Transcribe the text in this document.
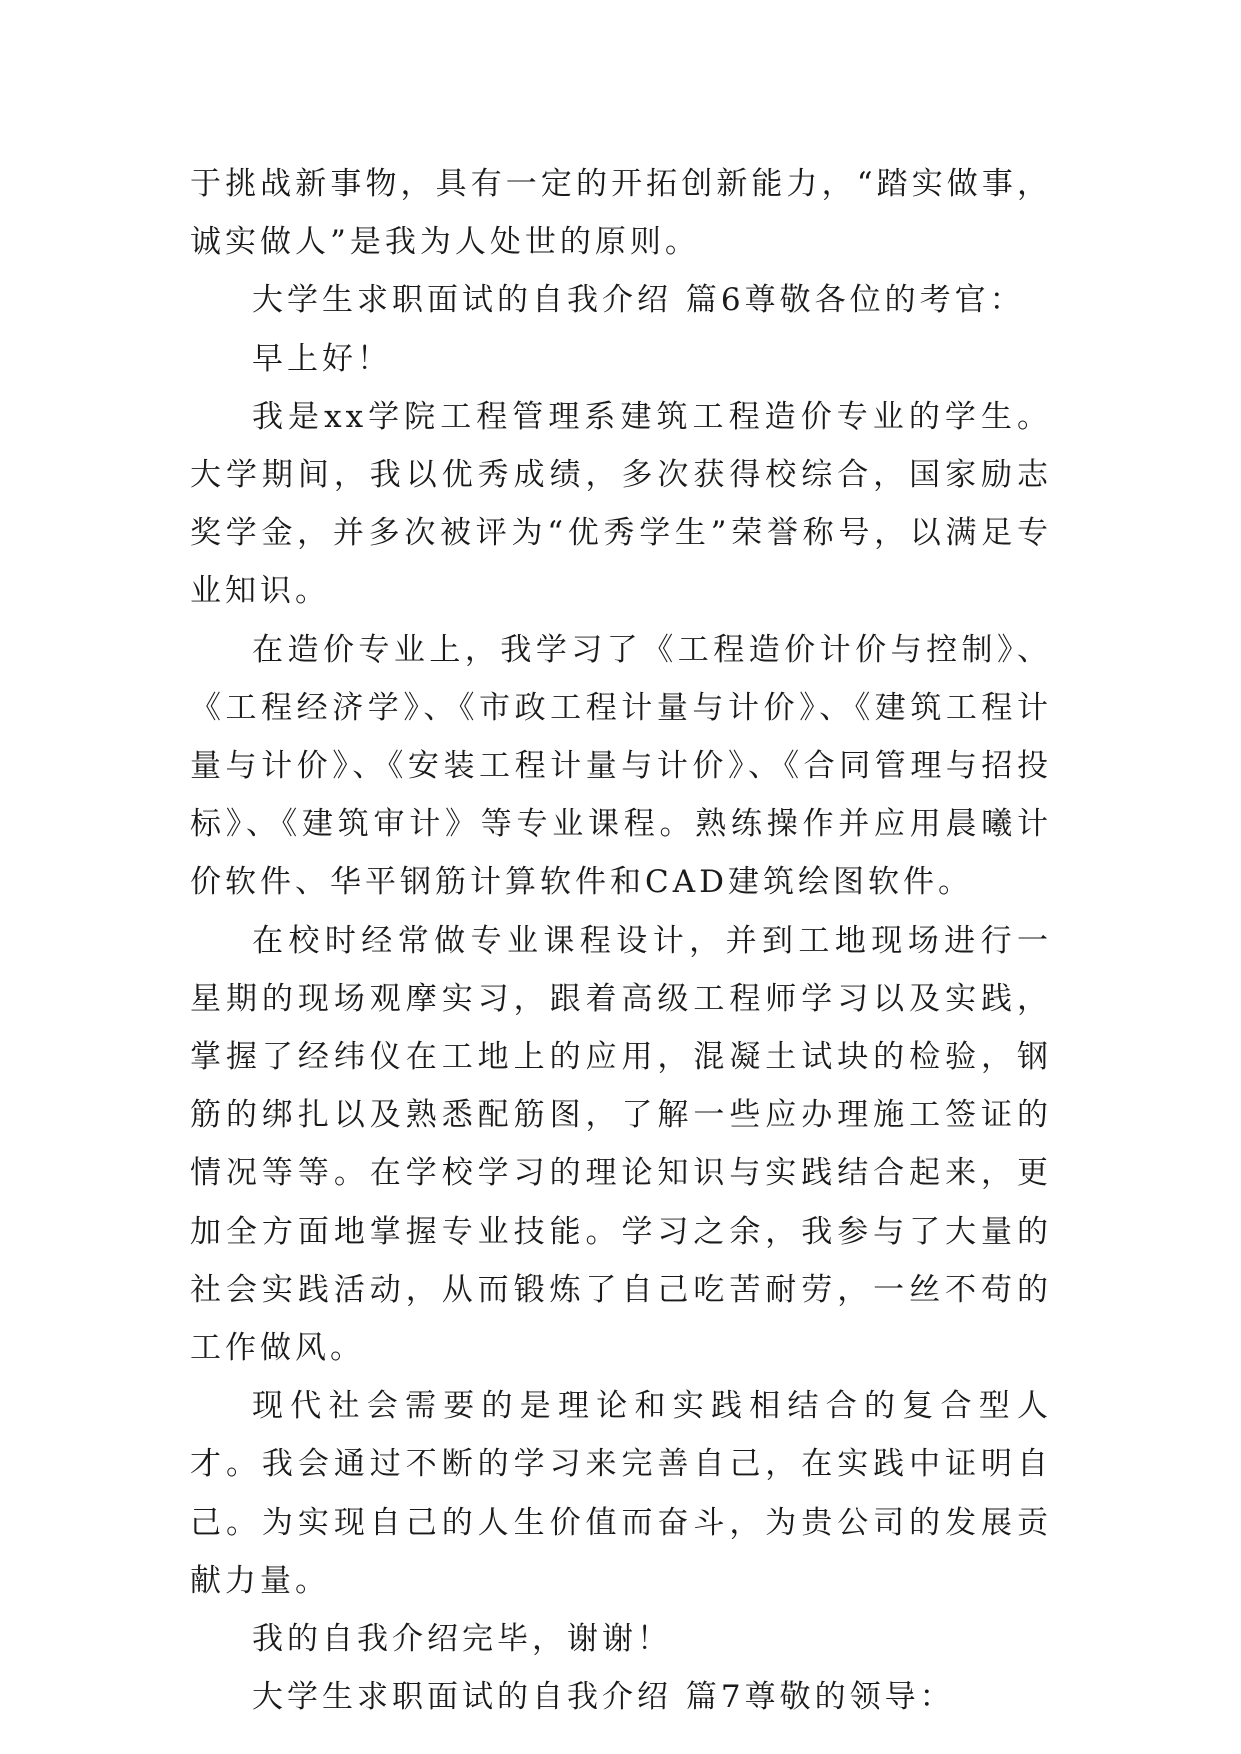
于挑战新事物，具有一定的开拓创新能力，“踏实做事，诚实做人”是我为人处世的原则。

大学生求职面试的自我介绍 篇6尊敬各位的考官：

早上好！

我是xx学院工程管理系建筑工程造价专业的学生。大学期间，我以优秀成绩，多次获得校综合，国家励志奖学金，并多次被评为“优秀学生”荣誉称号，以满足专业知识。

在造价专业上，我学习了《工程造价计价与控制》、《工程经济学》、《市政工程计量与计价》、《建筑工程计量与计价》、《安装工程计量与计价》、《合同管理与招投标》、《建筑审计》等专业课程。熟练操作并应用晨曦计价软件、华平钢筋计算软件和CAD建筑绘图软件。

在校时经常做专业课程设计，并到工地现场进行一星期的现场观摩实习，跟着高级工程师学习以及实践，掌握了经纬仪在工地上的应用，混凝土试块的检验，钢筋的绑扎以及熟悉配筋图，了解一些应办理施工签证的情况等等。在学校学习的理论知识与实践结合起来，更加全方面地掌握专业技能。学习之余，我参与了大量的社会实践活动，从而锻炼了自己吃苦耐劳，一丝不苟的工作做风。

现代社会需要的是理论和实践相结合的复合型人才。我会通过不断的学习来完善自己，在实践中证明自己。为实现自己的人生价值而奋斗，为贵公司的发展贡献力量。

我的自我介绍完毕，谢谢！

大学生求职面试的自我介绍 篇7尊敬的领导：
